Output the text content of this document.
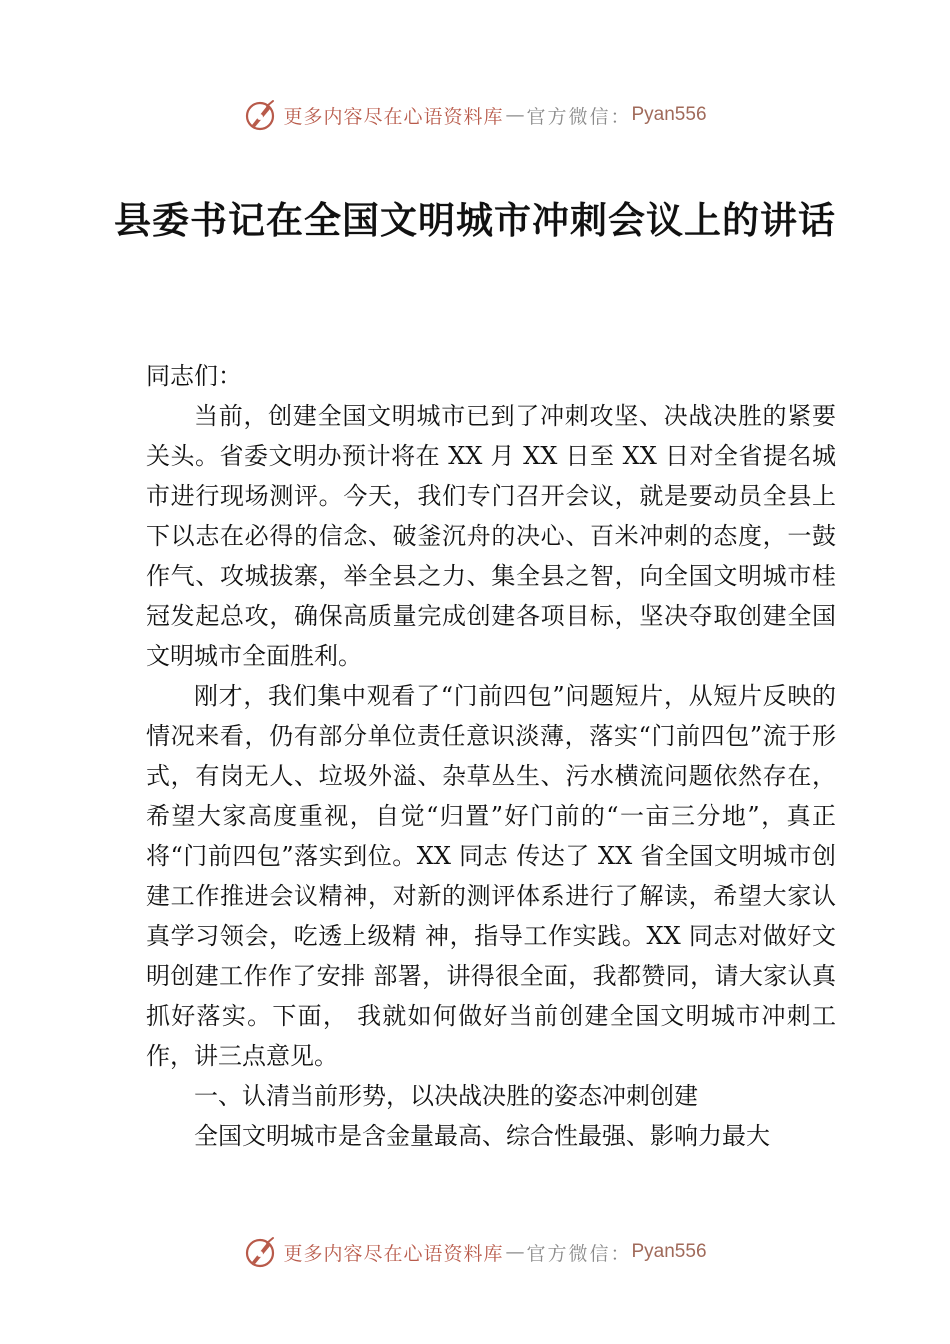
更多内容尽在心语资料库 — 官方微信： Pyan556
县委书记在全国文明城市冲刺会议上的讲话

同志们：

当前，创建全国文明城市已到了冲刺攻坚、决战决胜的紧要关头。省委文明办预计将在 XX 月 XX 日至 XX 日对全省提名城市进行现场测评。今天，我们专门召开会议，就是要动员全县上下以志在必得的信念、破釜沉舟的决心、百米冲刺的态度，一鼓作气、攻城拔寨，举全县之力、集全县之智，向全国文明城市桂冠发起总攻，确保高质量完成创建各项目标，坚决夺取创建全国文明城市全面胜利。

刚才，我们集中观看了“门前四包”问题短片，从短片反映的情况来看，仍有部分单位责任意识淡薄，落实“门前四包”流于形式，有岗无人、垃圾外溢、杂草丛生、污水横流问题依然存在，希望大家高度重视，自觉“归置”好门前的“一亩三分地”，真正将“门前四包”落实到位。XX 同志 传达了 XX 省全国文明城市创建工作推进会议精神，对新的测评体系进行了解读，希望大家认真学习领会，吃透上级精 神，指导工作实践。XX 同志对做好文明创建工作作了安排 部署，讲得很全面，我都赞同，请大家认真抓好落实。下面， 我就如何做好当前创建全国文明城市冲刺工作，讲三点意见。

一、认清当前形势，以决战决胜的姿态冲刺创建

全国文明城市是含金量最高、综合性最强、影响力最大

更多内容尽在心语资料库 — 官方微信： Pyan556
